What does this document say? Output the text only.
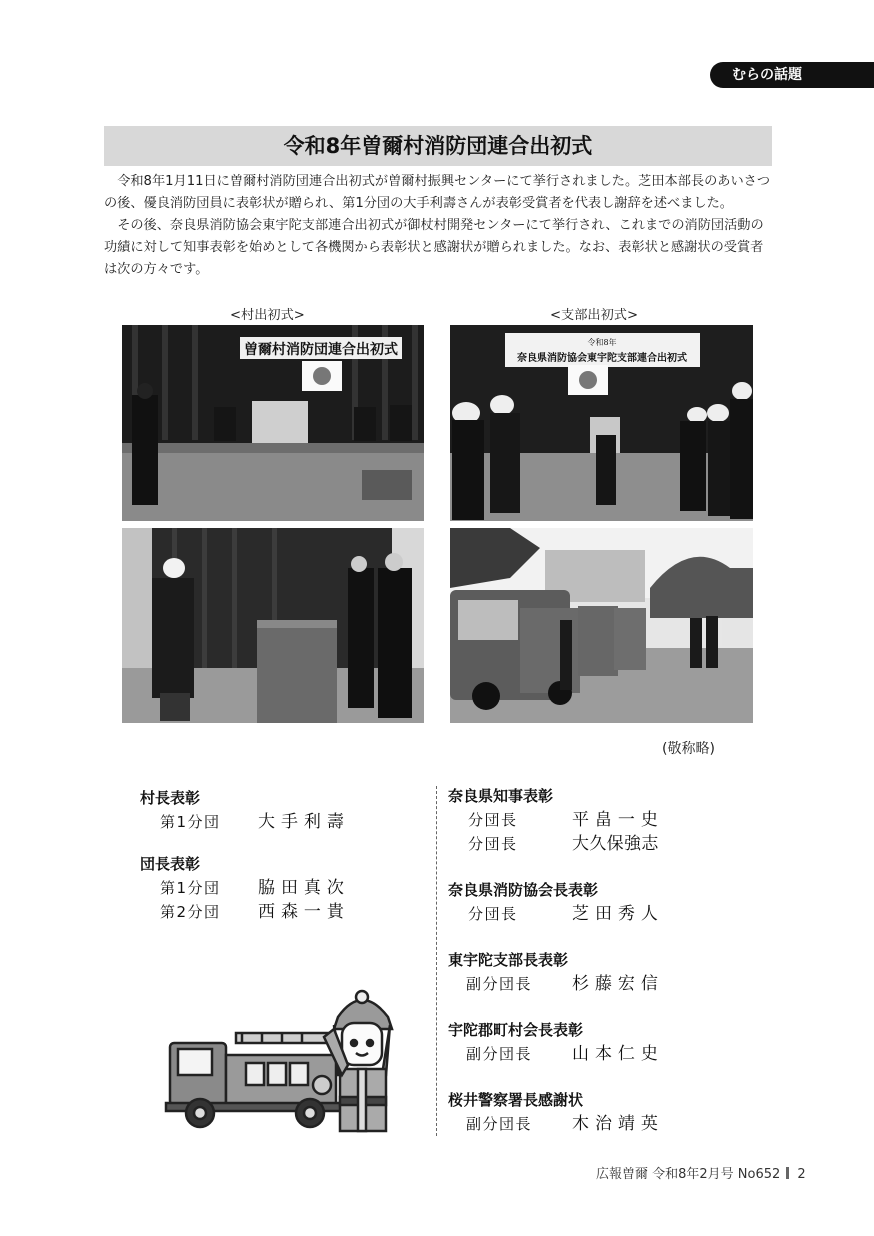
むらの話題
令和8年曽爾村消防団連合出初式

令和8年1月11日に曽爾村消防団連合出初式が曽爾村振興センターにて挙行されました。芝田本部長のあいさつの後、優良消防団員に表彰状が贈られ、第1分団の大手利壽さんが表彰受賞者を代表し謝辞を述べました。

その後、奈良県消防協会東宇陀支部連合出初式が御杖村開発センターにて挙行され、これまでの消防団活動の功績に対して知事表彰を始めとして各機関から表彰状と感謝状が贈られました。なお、表彰状と感謝状の受賞者は次の方々です。

<村出初式>	<支部出初式>
曽爾村消防団連合出初式	令和8年
奈良県消防協会東宇陀支部連合出初式
(敬称略)
村長表彰
第1分団 大手利壽
団長表彰
第1分団 脇田真次
第2分団 西森一貴
奈良県知事表彰
分団長	平畠一史
分団長	大久保強志
奈良県消防協会長表彰
分団長	芝田秀人
東宇陀支部長表彰
副分団長 杉藤宏信
宇陀郡町村会長表彰
副分団長 山本仁史
桜井警察署長感謝状
副分団長 木治靖英
広報曽爾 令和8年2月号 No652 2
